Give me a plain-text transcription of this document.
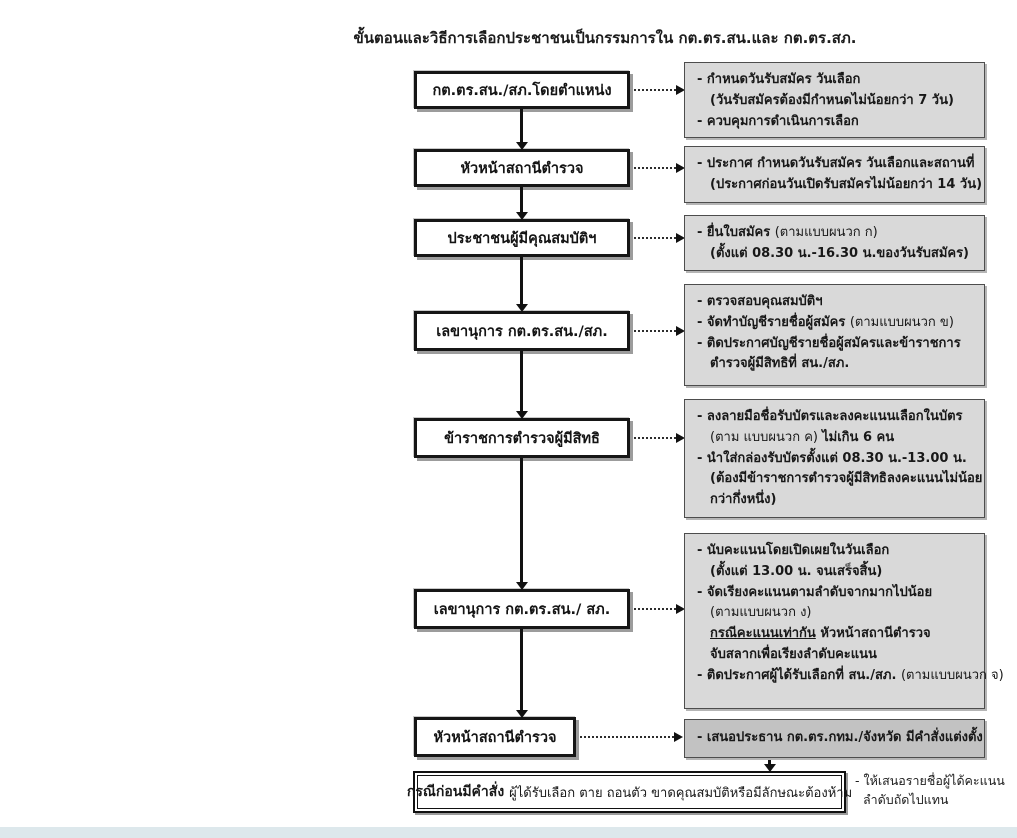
ขั้นตอนและวิธีการเลือกประชาชนเป็นกรรมการใน กต.ตร.สน.และ กต.ตร.สภ.
กต.ตร.สน./สภ.โดยตำแหน่ง
หัวหน้าสถานีตำรวจ
ประชาชนผู้มีคุณสมบัติฯ
เลขานุการ กต.ตร.สน./สภ.
ข้าราชการตำรวจผู้มีสิทธิ
เลขานุการ กต.ตร.สน./ สภ.
หัวหน้าสถานีตำรวจ
- กำหนดวันรับสมัคร วันเลือก
(วันรับสมัครต้องมีกำหนดไม่น้อยกว่า 7 วัน)
- ควบคุมการดำเนินการเลือก
- ประกาศ กำหนดวันรับสมัคร วันเลือกและสถานที่
(ประกาศก่อนวันเปิดรับสมัครไม่น้อยกว่า 14 วัน)
- ยื่นใบสมัคร (ตามแบบผนวก ก)
(ตั้งแต่ 08.30 น.-16.30 น.ของวันรับสมัคร)
- ตรวจสอบคุณสมบัติฯ
- จัดทำบัญชีรายชื่อผู้สมัคร (ตามแบบผนวก ข)
- ติดประกาศบัญชีรายชื่อผู้สมัครและข้าราชการ
ตำรวจผู้มีสิทธิที่ สน./สภ.
- ลงลายมือชื่อรับบัตรและลงคะแนนเลือกในบัตร
(ตาม แบบผนวก ค) ไม่เกิน 6 คน
- นำใส่กล่องรับบัตรตั้งแต่ 08.30 น.-13.00 น.
(ต้องมีข้าราชการตำรวจผู้มีสิทธิลงคะแนนไม่น้อย
กว่ากึ่งหนึ่ง)
- นับคะแนนโดยเปิดเผยในวันเลือก
(ตั้งแต่ 13.00 น. จนเสร็จสิ้น)
- จัดเรียงคะแนนตามลำดับจากมากไปน้อย
(ตามแบบผนวก ง)
กรณีคะแนนเท่ากัน หัวหน้าสถานีตำรวจ
จับสลากเพื่อเรียงลำดับคะแนน
- ติดประกาศผู้ได้รับเลือกที่ สน./สภ. (ตามแบบผนวก จ)
- เสนอประธาน กต.ตร.กทม./จังหวัด มีคำสั่งแต่งตั้ง
กรณีก่อนมีคำสั่ง ผู้ได้รับเลือก ตาย ถอนตัว ขาดคุณสมบัติหรือมีลักษณะต้องห้าม
- ให้เสนอรายชื่อผู้ได้คะแนน
ลำดับถัดไปแทน
